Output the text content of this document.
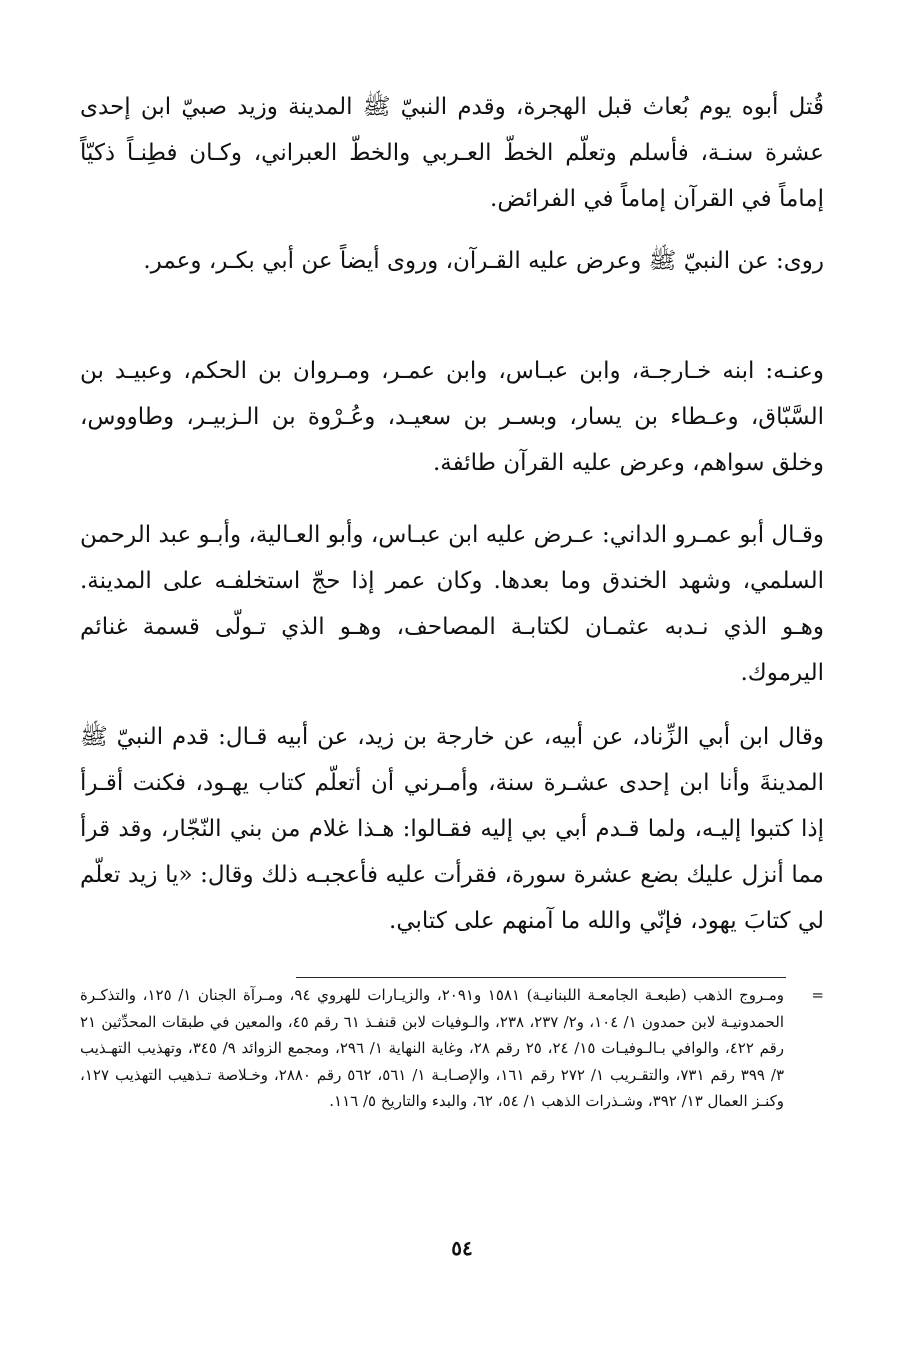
قُتل أبوه يوم بُعاث قبل الهجرة، وقدم النبيّ ﷺ المدينة وزيد صبيّ ابن إحدى عشرة سنـة، فأسلم وتعلّم الخطّ العـربي والخطّ العبراني، وكـان فطِنـاً ذكيّاً إماماً في القرآن إماماً في الفرائض.

روى: عن النبيّ ﷺ وعرض عليه القـرآن، وروى أيضاً عن أبي بكـر، وعمر.

وعنـه: ابنه خـارجـة، وابن عبـاس، وابن عمـر، ومـروان بن الحكم، وعبيـد بن السَّبّاق، وعـطاء بن يسار، وبسـر بن سعيـد، وعُـرْوة بن الـزبيـر، وطاووس، وخلق سواهم، وعرض عليه القرآن طائفة.

وقـال أبو عمـرو الداني: عـرض عليه ابن عبـاس، وأبو العـالية، وأبـو عبد الرحمن السلمي، وشهد الخندق وما بعدها. وكان عمر إذا حجّ استخلفـه على المدينة. وهـو الذي نـدبه عثمـان لكتابـة المصاحف، وهـو الذي تـولّى قسمة غنائم اليرموك.

وقال ابن أبي الزِّناد، عن أبيه، عن خارجة بن زيد، عن أبيه قـال: قدم النبيّ ﷺ المدينةَ وأنا ابن إحدى عشـرة سنة، وأمـرني أن أتعلّم كتاب يهـود، فكنت أقـرأ إذا كتبوا إليـه، ولما قـدم أبي بي إليه فقـالوا: هـذا غلام من بني النّجّار، وقد قرأ مما أنزل عليك بضع عشرة سورة، فقرأت عليه فأعجبـه ذلك وقال: «يا زيد تعلّم لي كتابَ يهود، فإنّي والله ما آمنهم على كتابي.

=
ومـروج الذهب (طبعـة الجامعـة اللبنانيـة) ١٥٨١ و٢٠٩١، والزيـارات للهروي ٩٤، ومـرآة الجنان ١/ ١٢٥، والتذكـرة الحمدونيـة لابن حمدون ١/ ١٠٤، و٢/ ٢٣٧، ٢٣٨، والـوفيات لابن قنفـذ ٦١ رقم ٤٥، والمعين في طبقات المحدِّثين ٢١ رقم ٤٢٢، والوافي بـالـوفيـات ١٥/ ٢٤، ٢٥ رقم ٢٨، وغاية النهاية ١/ ٢٩٦، ومجمع الزوائد ٩/ ٣٤٥، وتهذيب التهـذيب ٣/ ٣٩٩ رقم ٧٣١، والتقـريب ١/ ٢٧٢ رقم ١٦١، والإصـابـة ١/ ٥٦١، ٥٦٢ رقم ٢٨٨٠، وخـلاصة تـذهيب التهذيب ١٢٧، وكنـز العمال ١٣/ ٣٩٢، وشـذرات الذهب ١/ ٥٤، ٦٢، والبدء والتاريخ ٥/ ١١٦.
٥٤
